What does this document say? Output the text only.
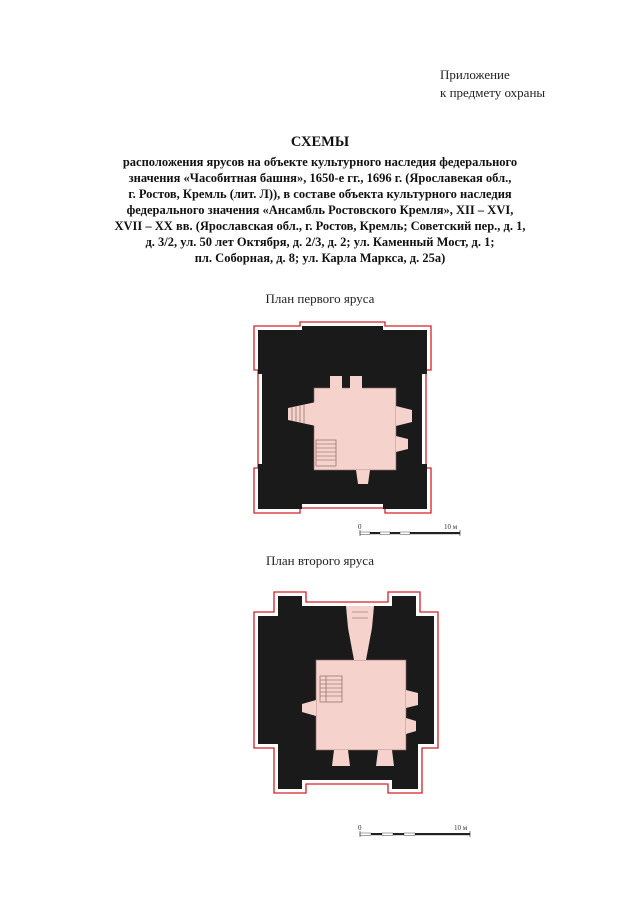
Приложение
к предмету охраны
СХЕМЫ
расположения ярусов на объекте культурного наследия федерального
значения «Часобитная башня», 1650-е гг., 1696 г. (Ярославекая обл.,
г. Ростов, Кремль (лит. Л)), в составе объекта культурного наследия
федерального значения «Ансамбль Ростовского Кремля», XII – XVI,
XVII – XX вв. (Ярославская обл., г. Ростов, Кремль; Советский пер., д. 1,
д. 3/2, ул. 50 лет Октября, д. 2/3, д. 2; ул. Каменный Мост, д. 1;
пл. Соборная, д. 8; ул. Карла Маркса, д. 25а)
План первого яруса
0	10 м
План второго яруса
0	10 м
